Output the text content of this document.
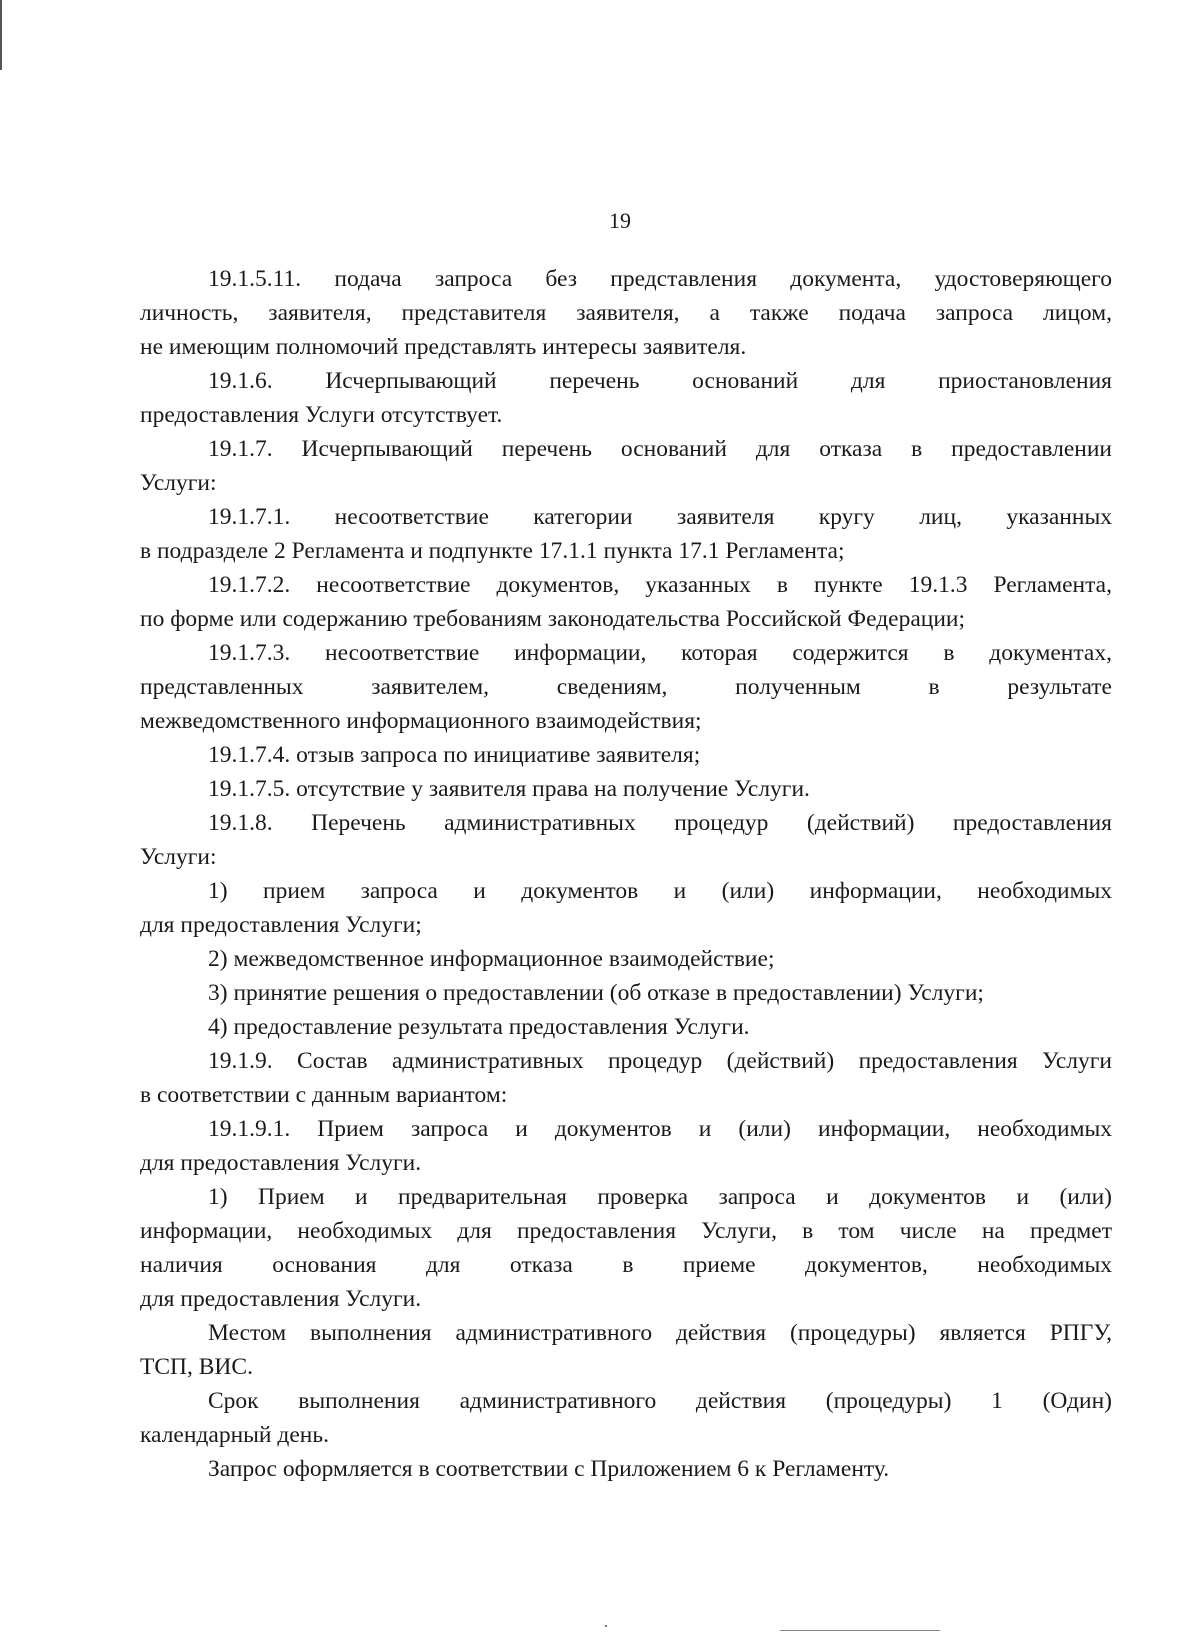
19
19.1.5.11. подача запроса без представления документа, удостоверяющего
личность, заявителя, представителя заявителя, а также подача запроса лицом,
не имеющим полномочий представлять интересы заявителя.
19.1.6. Исчерпывающий перечень оснований для приостановления
предоставления Услуги отсутствует.
19.1.7. Исчерпывающий перечень оснований для отказа в предоставлении
Услуги:
19.1.7.1. несоответствие категории заявителя кругу лиц, указанных
в подразделе 2 Регламента и подпункте 17.1.1 пункта 17.1 Регламента;
19.1.7.2. несоответствие документов, указанных в пункте 19.1.3 Регламента,
по форме или содержанию требованиям законодательства Российской Федерации;
19.1.7.3. несоответствие информации, которая содержится в документах,
представленных заявителем, сведениям, полученным в результате
межведомственного информационного взаимодействия;
19.1.7.4. отзыв запроса по инициативе заявителя;
19.1.7.5. отсутствие у заявителя права на получение Услуги.
19.1.8. Перечень административных процедур (действий) предоставления
Услуги:
1) прием запроса и документов и (или) информации, необходимых
для предоставления Услуги;
2) межведомственное информационное взаимодействие;
3) принятие решения о предоставлении (об отказе в предоставлении) Услуги;
4) предоставление результата предоставления Услуги.
19.1.9. Состав административных процедур (действий) предоставления Услуги
в соответствии с данным вариантом:
19.1.9.1. Прием запроса и документов и (или) информации, необходимых
для предоставления Услуги.
1) Прием и предварительная проверка запроса и документов и (или)
информации, необходимых для предоставления Услуги, в том числе на предмет
наличия основания для отказа в приеме документов, необходимых
для предоставления Услуги.
Местом выполнения административного действия (процедуры) является РПГУ,
ТСП, ВИС.
Срок выполнения административного действия (процедуры) 1 (Один)
календарный день.
Запрос оформляется в соответствии с Приложением 6 к Регламенту.
